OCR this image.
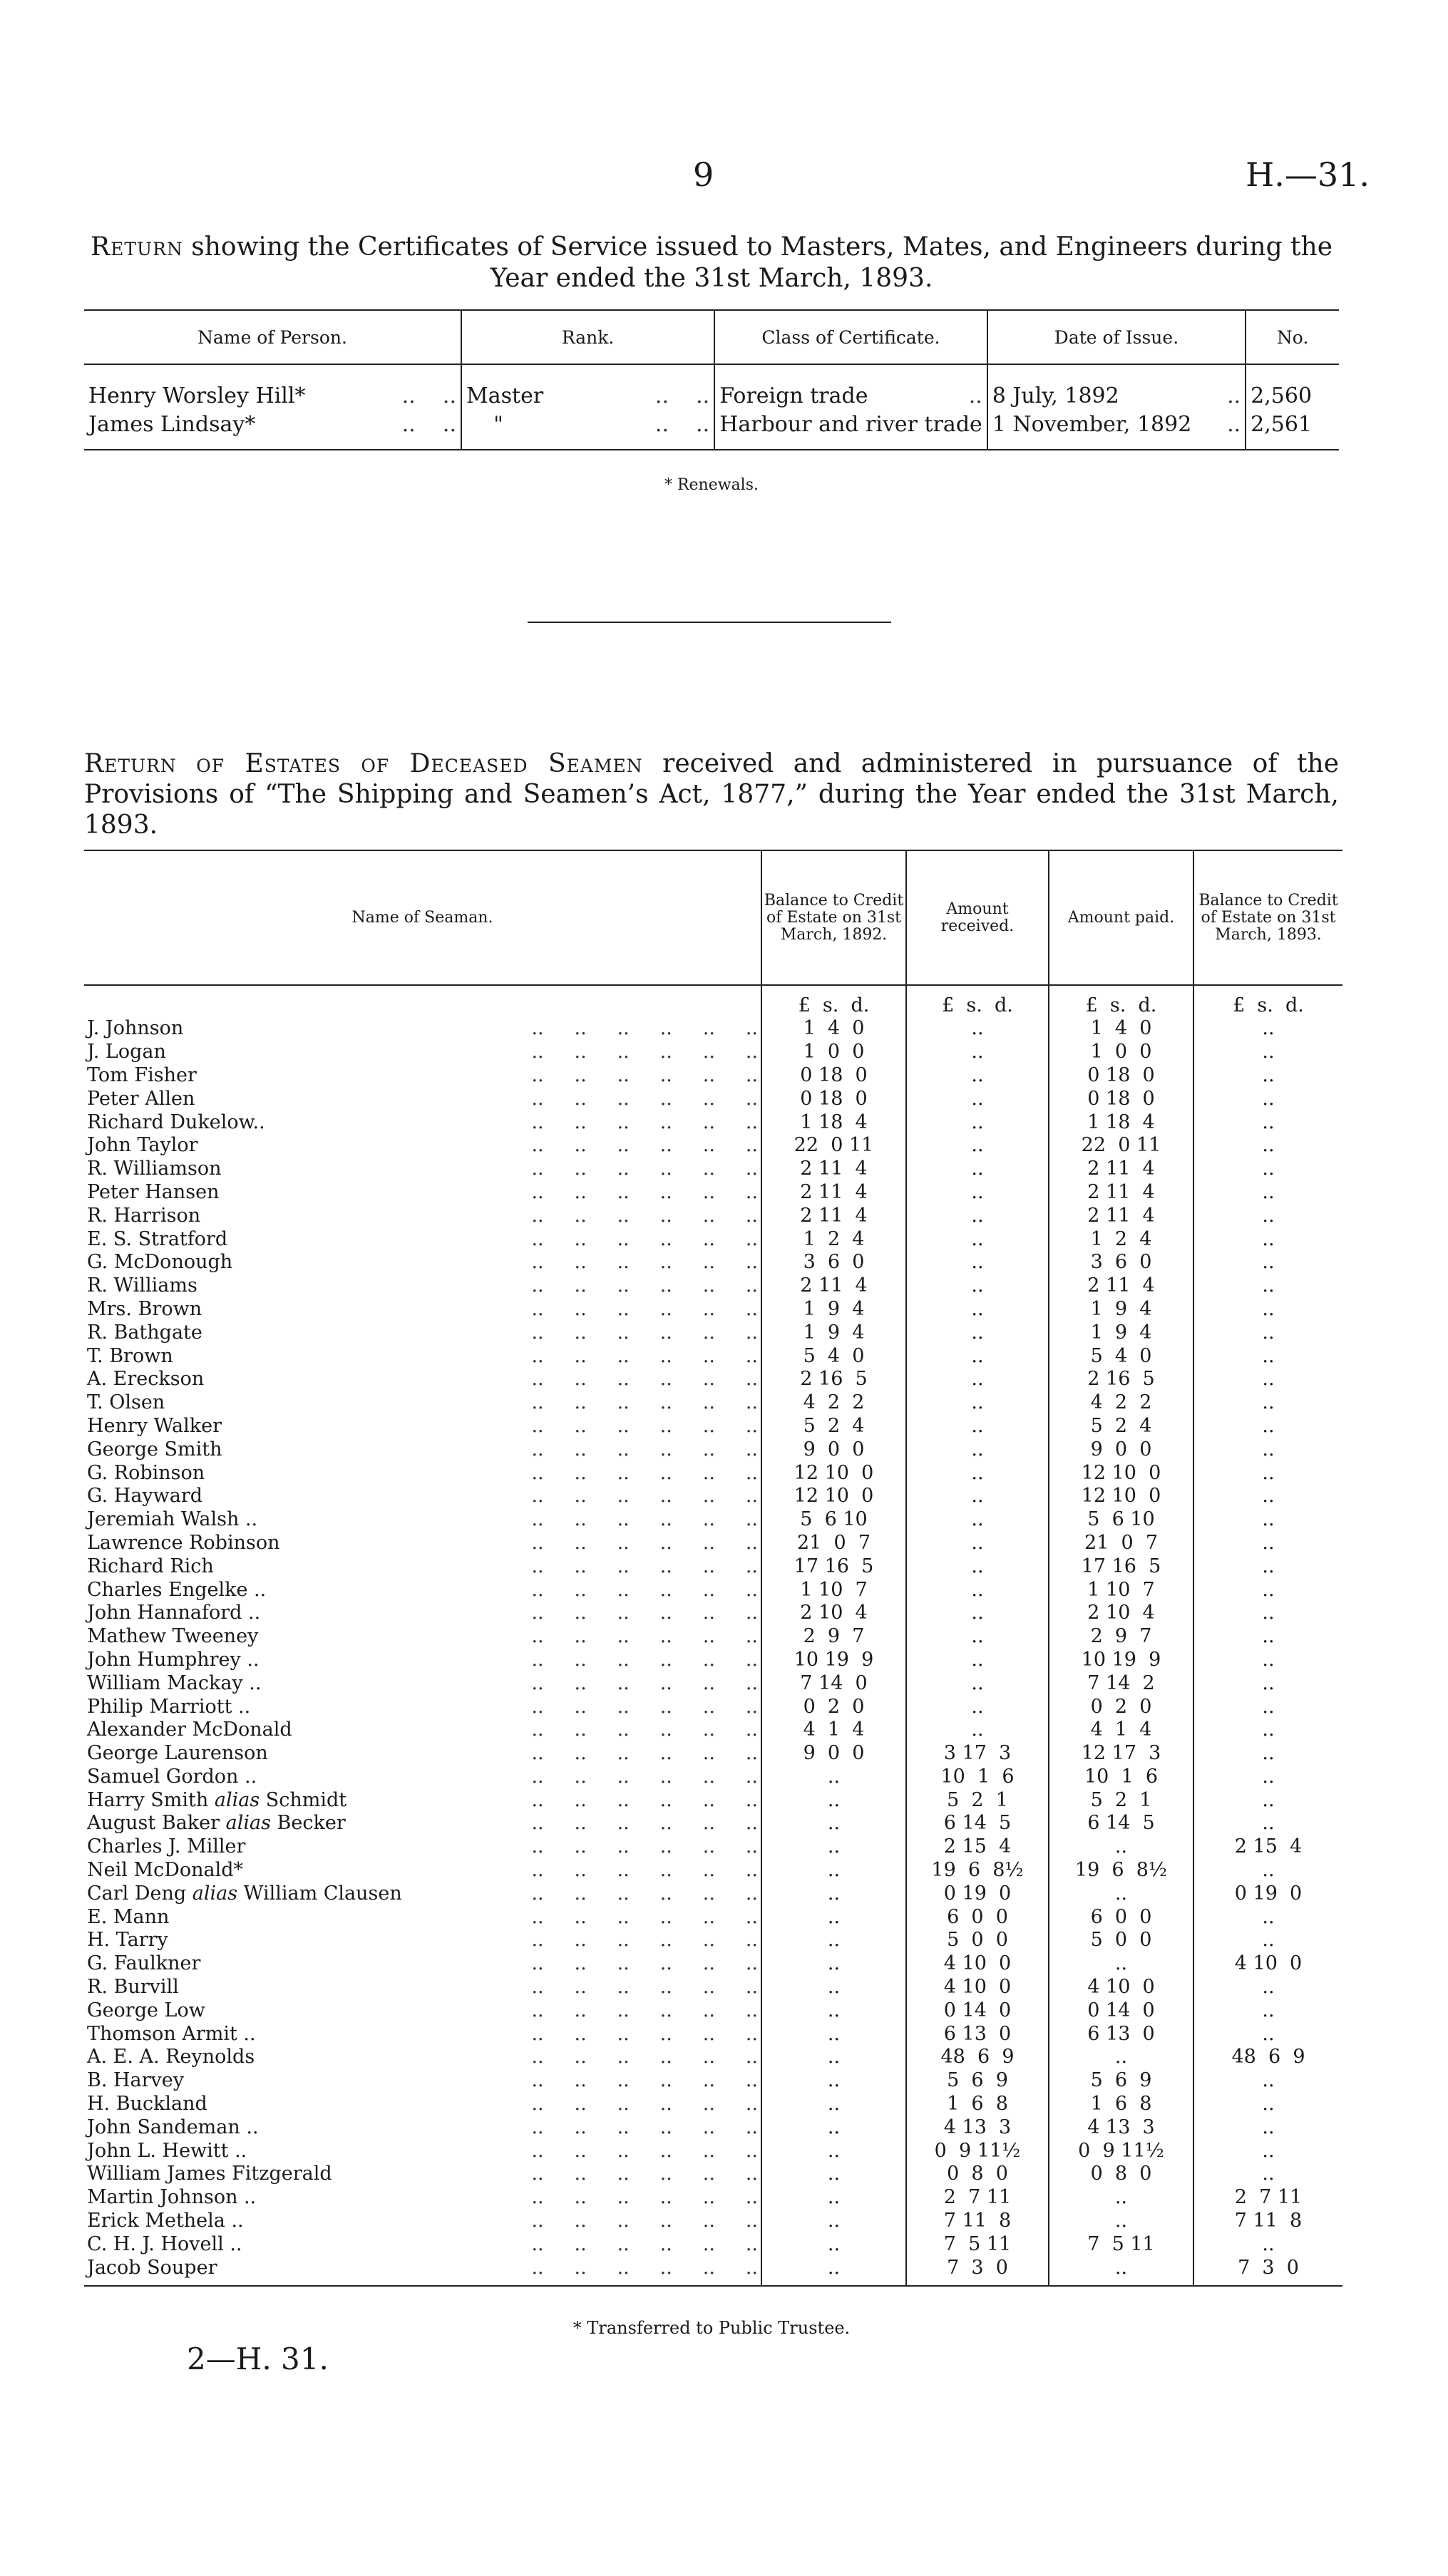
9	H.—31.
Return showing the Certificates of Service issued to Masters, Mates, and Engineers during the Year ended the 31st March, 1893.
Name of Person.	Rank.	Class of Certificate.	Date of Issue.	No.
Henry Worsley Hill* ..    ..	Master ..    ..	Foreign trade ..	8 July, 1892 ..	2,560
James Lindsay* ..    ..	" ..    ..	Harbour and river trade	1 November, 1892 ..	2,561
* Renewals.
Return of Estates of Deceased Seamen received and administered in pursuance of the Provisions of “The Shipping and Seamen’s Act, 1877,” during the Year ended the 31st March, 1893.
Name of Seaman.	Balance to Credit of Estate on 31st March, 1892.	Amount received.	Amount paid.	Balance to Credit of Estate on 31st March, 1893.
	£  s.  d.	£  s.  d.	£  s.  d.	£  s.  d.
J. Johnson ..     ..     ..     ..     ..     ..	1  4  0	..	1  4  0	..
J. Logan ..     ..     ..     ..     ..     ..	1  0  0	..	1  0  0	..
Tom Fisher ..     ..     ..     ..     ..     ..	0 18  0	..	0 18  0	..
Peter Allen ..     ..     ..     ..     ..     ..	0 18  0	..	0 18  0	..
Richard Dukelow.. ..     ..     ..     ..     ..     ..	1 18  4	..	1 18  4	..
John Taylor ..     ..     ..     ..     ..     ..	22  0 11	..	22  0 11	..
R. Williamson ..     ..     ..     ..     ..     ..	2 11  4	..	2 11  4	..
Peter Hansen ..     ..     ..     ..     ..     ..	2 11  4	..	2 11  4	..
R. Harrison ..     ..     ..     ..     ..     ..	2 11  4	..	2 11  4	..
E. S. Stratford ..     ..     ..     ..     ..     ..	1  2  4	..	1  2  4	..
G. McDonough ..     ..     ..     ..     ..     ..	3  6  0	..	3  6  0	..
R. Williams ..     ..     ..     ..     ..     ..	2 11  4	..	2 11  4	..
Mrs. Brown ..     ..     ..     ..     ..     ..	1  9  4	..	1  9  4	..
R. Bathgate ..     ..     ..     ..     ..     ..	1  9  4	..	1  9  4	..
T. Brown ..     ..     ..     ..     ..     ..	5  4  0	..	5  4  0	..
A. Ereckson ..     ..     ..     ..     ..     ..	2 16  5	..	2 16  5	..
T. Olsen ..     ..     ..     ..     ..     ..	4  2  2	..	4  2  2	..
Henry Walker ..     ..     ..     ..     ..     ..	5  2  4	..	5  2  4	..
George Smith ..     ..     ..     ..     ..     ..	9  0  0	..	9  0  0	..
G. Robinson ..     ..     ..     ..     ..     ..	12 10  0	..	12 10  0	..
G. Hayward ..     ..     ..     ..     ..     ..	12 10  0	..	12 10  0	..
Jeremiah Walsh .. ..     ..     ..     ..     ..     ..	5  6 10	..	5  6 10	..
Lawrence Robinson ..     ..     ..     ..     ..     ..	21  0  7	..	21  0  7	..
Richard Rich ..     ..     ..     ..     ..     ..	17 16  5	..	17 16  5	..
Charles Engelke .. ..     ..     ..     ..     ..     ..	1 10  7	..	1 10  7	..
John Hannaford .. ..     ..     ..     ..     ..     ..	2 10  4	..	2 10  4	..
Mathew Tweeney ..     ..     ..     ..     ..     ..	2  9  7	..	2  9  7	..
John Humphrey .. ..     ..     ..     ..     ..     ..	10 19  9	..	10 19  9	..
William Mackay .. ..     ..     ..     ..     ..     ..	7 14  0	..	7 14  2	..
Philip Marriott .. ..     ..     ..     ..     ..     ..	0  2  0	..	0  2  0	..
Alexander McDonald ..     ..     ..     ..     ..     ..	4  1  4	..	4  1  4	..
George Laurenson ..     ..     ..     ..     ..     ..	9  0  0	3 17  3	12 17  3	..
Samuel Gordon .. ..     ..     ..     ..     ..     ..	..	10  1  6	10  1  6	..
Harry Smith alias Schmidt ..     ..     ..     ..     ..     ..	..	5  2  1	5  2  1	..
August Baker alias Becker ..     ..     ..     ..     ..     ..	..	6 14  5	6 14  5	..
Charles J. Miller ..     ..     ..     ..     ..     ..	..	2 15  4	..	2 15  4
Neil McDonald* ..     ..     ..     ..     ..     ..	..	19  6  8½	19  6  8½	..
Carl Deng alias William Clausen ..     ..     ..     ..     ..     ..	..	0 19  0	..	0 19  0
E. Mann ..     ..     ..     ..     ..     ..	..	6  0  0	6  0  0	..
H. Tarry ..     ..     ..     ..     ..     ..	..	5  0  0	5  0  0	..
G. Faulkner ..     ..     ..     ..     ..     ..	..	4 10  0	..	4 10  0
R. Burvill ..     ..     ..     ..     ..     ..	..	4 10  0	4 10  0	..
George Low ..     ..     ..     ..     ..     ..	..	0 14  0	0 14  0	..
Thomson Armit .. ..     ..     ..     ..     ..     ..	..	6 13  0	6 13  0	..
A. E. A. Reynolds ..     ..     ..     ..     ..     ..	..	48  6  9	..	48  6  9
B. Harvey ..     ..     ..     ..     ..     ..	..	5  6  9	5  6  9	..
H. Buckland ..     ..     ..     ..     ..     ..	..	1  6  8	1  6  8	..
John Sandeman .. ..     ..     ..     ..     ..     ..	..	4 13  3	4 13  3	..
John L. Hewitt .. ..     ..     ..     ..     ..     ..	..	0  9 11½	0  9 11½	..
William James Fitzgerald ..     ..     ..     ..     ..     ..	..	0  8  0	0  8  0	..
Martin Johnson .. ..     ..     ..     ..     ..     ..	..	2  7 11	..	2  7 11
Erick Methela .. ..     ..     ..     ..     ..     ..	..	7 11  8	..	7 11  8
C. H. J. Hovell .. ..     ..     ..     ..     ..     ..	..	7  5 11	7  5 11	..
Jacob Souper ..     ..     ..     ..     ..     ..	..	7  3  0	..	7  3  0
* Transferred to Public Trustee.
2—H. 31.
